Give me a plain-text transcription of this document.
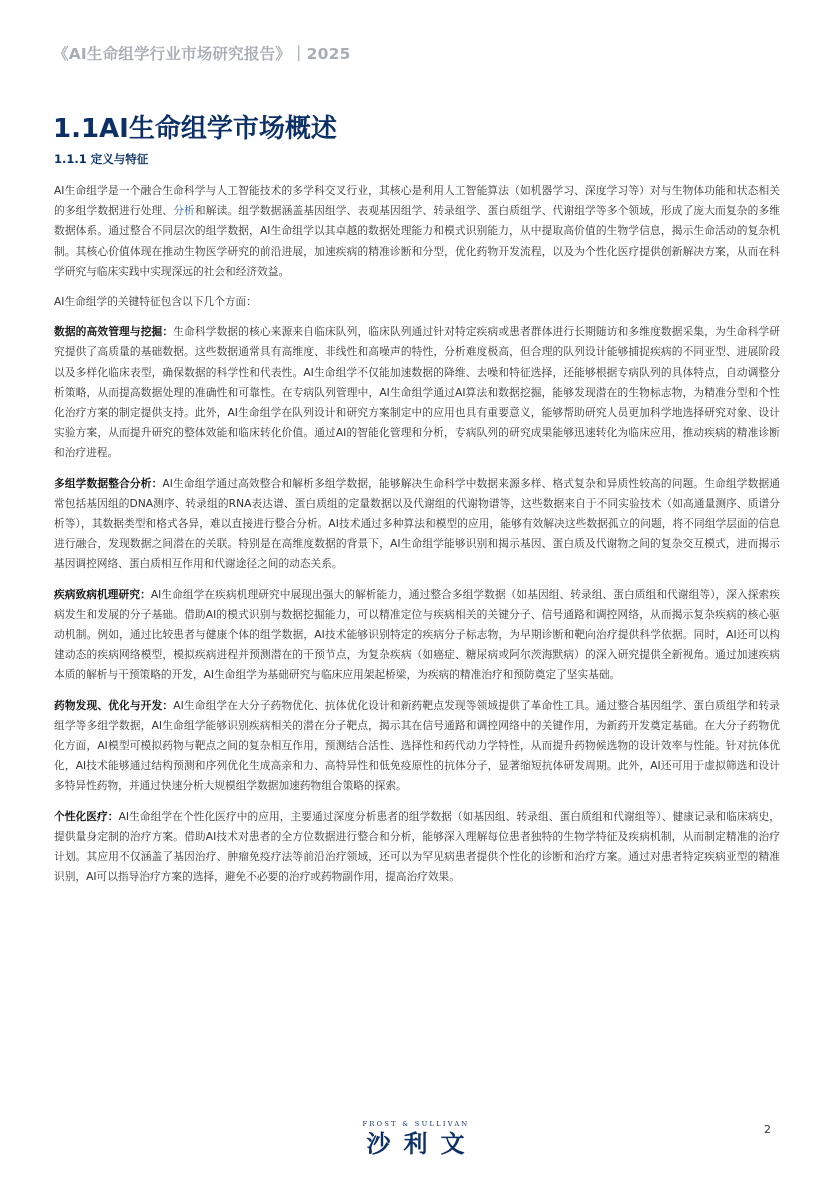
《AI生命组学行业市场研究报告》｜2025
1.1AI生命组学市场概述
1.1.1 定义与特征

AI生命组学是一个融合生命科学与人工智能技术的多学科交叉行业，其核心是利用人工智能算法（如机器学习、深度学习等）对与生物体功能和状态相关的多组学数据进行处理、分析和解读。组学数据涵盖基因组学、表观基因组学、转录组学、蛋白质组学、代谢组学等多个领域，形成了庞大而复杂的多维数据体系。通过整合不同层次的组学数据，AI生命组学以其卓越的数据处理能力和模式识别能力，从中提取高价值的生物学信息，揭示生命活动的复杂机制。其核心价值体现在推动生物医学研究的前沿进展，加速疾病的精准诊断和分型，优化药物开发流程，以及为个性化医疗提供创新解决方案，从而在科学研究与临床实践中实现深远的社会和经济效益。

AI生命组学的关键特征包含以下几个方面：

数据的高效管理与挖掘：生命科学数据的核心来源来自临床队列，临床队列通过针对特定疾病或患者群体进行长期随访和多维度数据采集，为生命科学研究提供了高质量的基础数据。这些数据通常具有高维度、非线性和高噪声的特性，分析难度极高，但合理的队列设计能够捕捉疾病的不同亚型、进展阶段以及多样化临床表型，确保数据的科学性和代表性。AI生命组学不仅能加速数据的降维、去噪和特征选择，还能够根据专病队列的具体特点，自动调整分析策略，从而提高数据处理的准确性和可靠性。在专病队列管理中，AI生命组学通过AI算法和数据挖掘，能够发现潜在的生物标志物，为精准分型和个性化治疗方案的制定提供支持。此外，AI生命组学在队列设计和研究方案制定中的应用也具有重要意义，能够帮助研究人员更加科学地选择研究对象、设计实验方案，从而提升研究的整体效能和临床转化价值。通过AI的智能化管理和分析，专病队列的研究成果能够迅速转化为临床应用，推动疾病的精准诊断和治疗进程。

多组学数据整合分析：AI生命组学通过高效整合和解析多组学数据，能够解决生命科学中数据来源多样、格式复杂和异质性较高的问题。生命组学数据通常包括基因组的DNA测序、转录组的RNA表达谱、蛋白质组的定量数据以及代谢组的代谢物谱等，这些数据来自于不同实验技术（如高通量测序、质谱分析等），其数据类型和格式各异，难以直接进行整合分析。AI技术通过多种算法和模型的应用，能够有效解决这些数据孤立的问题，将不同组学层面的信息进行融合，发现数据之间潜在的关联。特别是在高维度数据的背景下，AI生命组学能够识别和揭示基因、蛋白质及代谢物之间的复杂交互模式，进而揭示基因调控网络、蛋白质相互作用和代谢途径之间的动态关系。

疾病致病机理研究：AI生命组学在疾病机理研究中展现出强大的解析能力，通过整合多组学数据（如基因组、转录组、蛋白质组和代谢组等），深入探索疾病发生和发展的分子基础。借助AI的模式识别与数据挖掘能力，可以精准定位与疾病相关的关键分子、信号通路和调控网络，从而揭示复杂疾病的核心驱动机制。例如，通过比较患者与健康个体的组学数据，AI技术能够识别特定的疾病分子标志物，为早期诊断和靶向治疗提供科学依据。同时，AI还可以构建动态的疾病网络模型，模拟疾病进程并预测潜在的干预节点，为复杂疾病（如癌症、糖尿病或阿尔茨海默病）的深入研究提供全新视角。通过加速疾病本质的解析与干预策略的开发，AI生命组学为基础研究与临床应用架起桥梁，为疾病的精准治疗和预防奠定了坚实基础。

药物发现、优化与开发：AI生命组学在大分子药物优化、抗体优化设计和新药靶点发现等领域提供了革命性工具。通过整合基因组学、蛋白质组学和转录组学等多组学数据，AI生命组学能够识别疾病相关的潜在分子靶点，揭示其在信号通路和调控网络中的关键作用，为新药开发奠定基础。在大分子药物优化方面，AI模型可模拟药物与靶点之间的复杂相互作用，预测结合活性、选择性和药代动力学特性，从而提升药物候选物的设计效率与性能。针对抗体优化，AI技术能够通过结构预测和序列优化生成高亲和力、高特异性和低免疫原性的抗体分子，显著缩短抗体研发周期。此外，AI还可用于虚拟筛选和设计多特异性药物，并通过快速分析大规模组学数据加速药物组合策略的探索。

个性化医疗：AI生命组学在个性化医疗中的应用，主要通过深度分析患者的组学数据（如基因组、转录组、蛋白质组和代谢组等）、健康记录和临床病史，提供量身定制的治疗方案。借助AI技术对患者的全方位数据进行整合和分析，能够深入理解每位患者独特的生物学特征及疾病机制，从而制定精准的治疗计划。其应用不仅涵盖了基因治疗、肿瘤免疫疗法等前沿治疗领域，还可以为罕见病患者提供个性化的诊断和治疗方案。通过对患者特定疾病亚型的精准识别，AI可以指导治疗方案的选择，避免不必要的治疗或药物副作用，提高治疗效果。

FROST & SULLIVAN
沙利文
2
